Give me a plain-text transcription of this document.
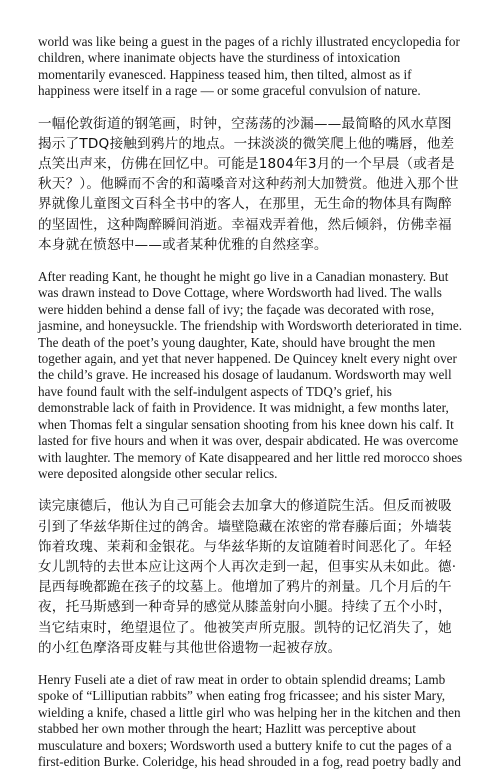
world was like being a guest in the pages of a richly illustrated encyclopedia for children, where inanimate objects have the sturdiness of intoxication momentarily evanesced. Happiness teased him, then tilted, almost as if happiness were itself in a rage — or some graceful convulsion of nature.

一幅伦敦街道的钢笔画，时钟，空荡荡的沙漏——最简略的风水草图揭示了TDQ接触到鸦片的地点。一抹淡淡的微笑爬上他的嘴唇，他差点笑出声来，仿佛在回忆中。可能是1804年3月的一个早晨（或者是秋天？）。他瞬而不舍的和蔼嗓音对这种药剂大加赞赏。他进入那个世界就像儿童图文百科全书中的客人，在那里，无生命的物体具有陶醉的坚固性，这种陶醉瞬间消逝。幸福戏弄着他，然后倾斜，仿佛幸福本身就在愤怒中——或者某种优雅的自然痉挛。

After reading Kant, he thought he might go live in a Canadian monastery. But was drawn instead to Dove Cottage, where Wordsworth had lived. The walls were hidden behind a dense fall of ivy; the façade was decorated with rose, jasmine, and honeysuckle. The friendship with Wordsworth deteriorated in time. The death of the poet’s young daughter, Kate, should have brought the men together again, and yet that never happened. De Quincey knelt every night over the child’s grave. He increased his dosage of laudanum. Wordsworth may well have found fault with the self-indulgent aspects of TDQ’s grief, his demonstrable lack of faith in Providence. It was midnight, a few months later, when Thomas felt a singular sensation shooting from his knee down his calf. It lasted for five hours and when it was over, despair abdicated. He was overcome with laughter. The memory of Kate disappeared and her little red morocco shoes were deposited alongside other secular relics.

读完康德后，他认为自己可能会去加拿大的修道院生活。但反而被吸引到了华兹华斯住过的鸽舍。墙壁隐藏在浓密的常春藤后面；外墙装饰着玫瑰、茉莉和金银花。与华兹华斯的友谊随着时间恶化了。年轻女儿凯特的去世本应让这两个人再次走到一起，但事实从未如此。德·昆西每晚都跪在孩子的坟墓上。他增加了鸦片的剂量。几个月后的午夜，托马斯感到一种奇异的感觉从膝盖射向小腿。持续了五个小时，当它结束时，绝望退位了。他被笑声所克服。凯特的记忆消失了，她的小红色摩洛哥皮鞋与其他世俗遗物一起被存放。

Henry Fuseli ate a diet of raw meat in order to obtain splendid dreams; Lamb spoke of “Lilliputian rabbits” when eating frog fricassee; and his sister Mary, wielding a knife, chased a little girl who was helping her in the kitchen and then stabbed her own mother through the heart; Hazlitt was perceptive about musculature and boxers; Wordsworth used a buttery knife to cut the pages of a first-edition Burke. Coleridge, his head shrouded in a fog, read poetry badly and
